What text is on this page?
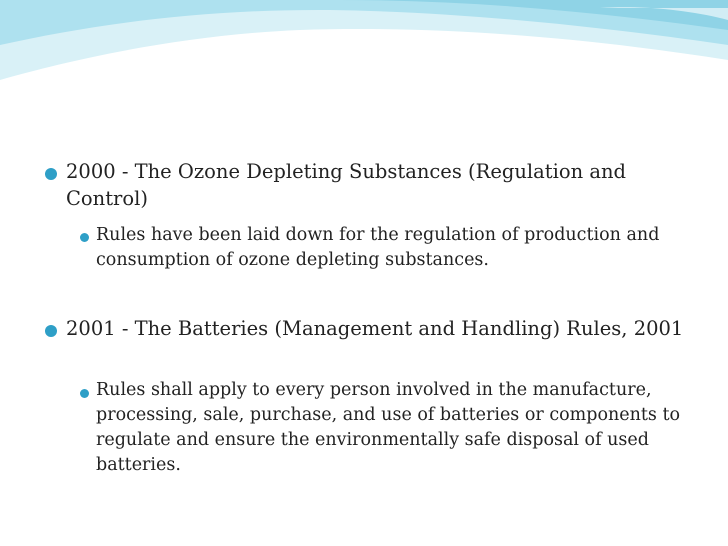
2000 - The Ozone Depleting Substances (Regulation and Control)

Rules have been laid down for the regulation of production and consumption of ozone depleting substances.

2001 - The Batteries (Management and Handling) Rules, 2001

Rules shall apply to every person involved in the manufacture, processing, sale, purchase, and use of batteries or components to regulate and ensure the environmentally safe disposal of used batteries.
